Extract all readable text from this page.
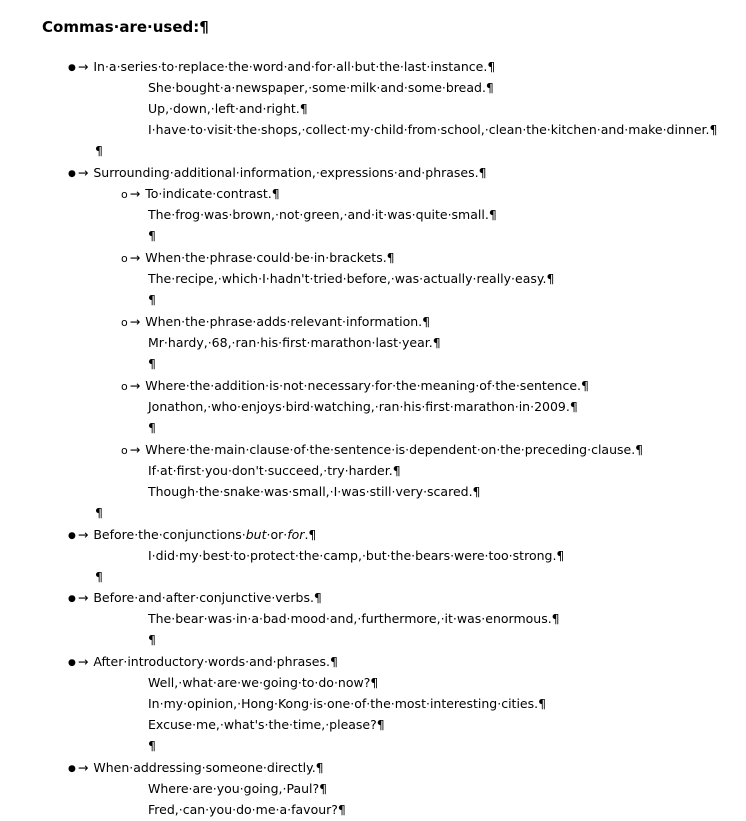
Commas·are·used:¶
● → In·a·series·to·replace·the·word·and·for·all·but·the·last·instance.¶
She·bought·a·newspaper,·some·milk·and·some·bread.¶
Up,·down,·left·and·right.¶
I·have·to·visit·the·shops,·collect·my·child·from·school,·clean·the·kitchen·and·make·dinner.¶
¶
● → Surrounding·additional·information,·expressions·and·phrases.¶
o → To·indicate·contrast.¶
The·frog·was·brown,·not·green,·and·it·was·quite·small.¶
¶
o → When·the·phrase·could·be·in·brackets.¶
The·recipe,·which·I·hadn't·tried·before,·was·actually·really·easy.¶
¶
o → When·the·phrase·adds·relevant·information.¶
Mr·hardy,·68,·ran·his·first·marathon·last·year.¶
¶
o → Where·the·addition·is·not·necessary·for·the·meaning·of·the·sentence.¶
Jonathon,·who·enjoys·bird·watching,·ran·his·first·marathon·in·2009.¶
¶
o → Where·the·main·clause·of·the·sentence·is·dependent·on·the·preceding·clause.¶
If·at·first·you·don't·succeed,·try·harder.¶
Though·the·snake·was·small,·I·was·still·very·scared.¶
¶
● → Before·the·conjunctions·but·or·for.¶
I·did·my·best·to·protect·the·camp,·but·the·bears·were·too·strong.¶
¶
● → Before·and·after·conjunctive·verbs.¶
The·bear·was·in·a·bad·mood·and,·furthermore,·it·was·enormous.¶
¶
● → After·introductory·words·and·phrases.¶
Well,·what·are·we·going·to·do·now?¶
In·my·opinion,·Hong·Kong·is·one·of·the·most·interesting·cities.¶
Excuse·me,·what's·the·time,·please?¶
¶
● → When·addressing·someone·directly.¶
Where·are·you·going,·Paul?¶
Fred,·can·you·do·me·a·favour?¶
